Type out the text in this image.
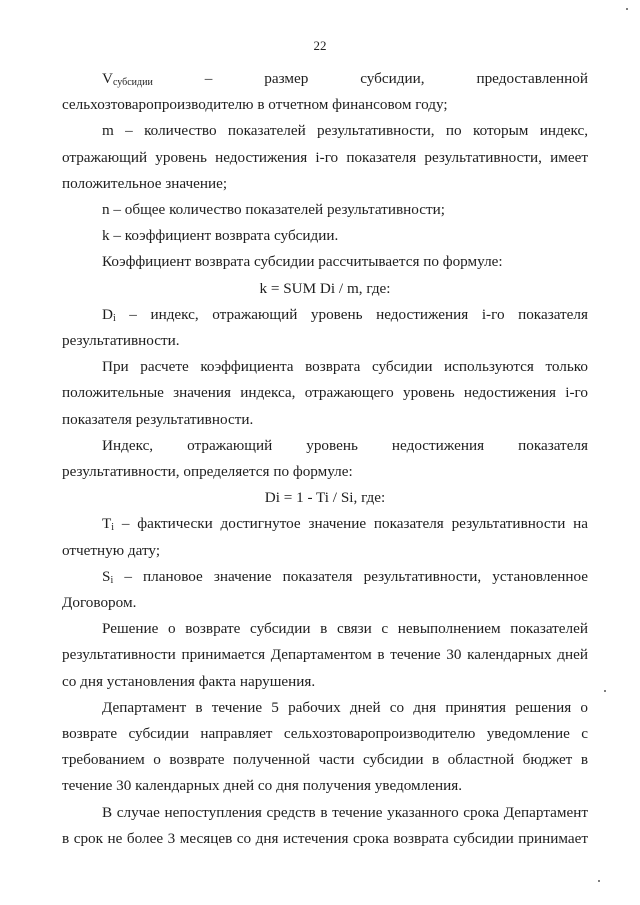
22

$V_{субсидии}$ – размер субсидии, предоставленной сельхозтоваропроизводителю в отчетном финансовом году;

m – количество показателей результативности, по которым индекс, отражающий уровень недостижения i-го показателя результативности, имеет положительное значение;

n – общее количество показателей результативности;

k – коэффициент возврата субсидии.

Коэффициент возврата субсидии рассчитывается по формуле:

k = SUM Di / m, где:

$D_i$ – индекс, отражающий уровень недостижения i-го показателя результативности.

При расчете коэффициента возврата субсидии используются только положительные значения индекса, отражающего уровень недостижения i-го показателя результативности.

Индекс, отражающий уровень недостижения показателя результативности, определяется по формуле:

Di = 1 - Ti / Si, где:

$T_i$ – фактически достигнутое значение показателя результативности на отчетную дату;

$S_i$ – плановое значение показателя результативности, установленное Договором.

Решение о возврате субсидии в связи с невыполнением показателей результативности принимается Департаментом в течение 30 календарных дней со дня установления факта нарушения.

Департамент в течение 5 рабочих дней со дня принятия решения о возврате субсидии направляет сельхозтоваропроизводителю уведомление с требованием о возврате полученной части субсидии в областной бюджет в течение 30 календарных дней со дня получения уведомления.

В случае непоступления средств в течение указанного срока Департамент в срок не более 3 месяцев со дня истечения срока возврата субсидии принимает
